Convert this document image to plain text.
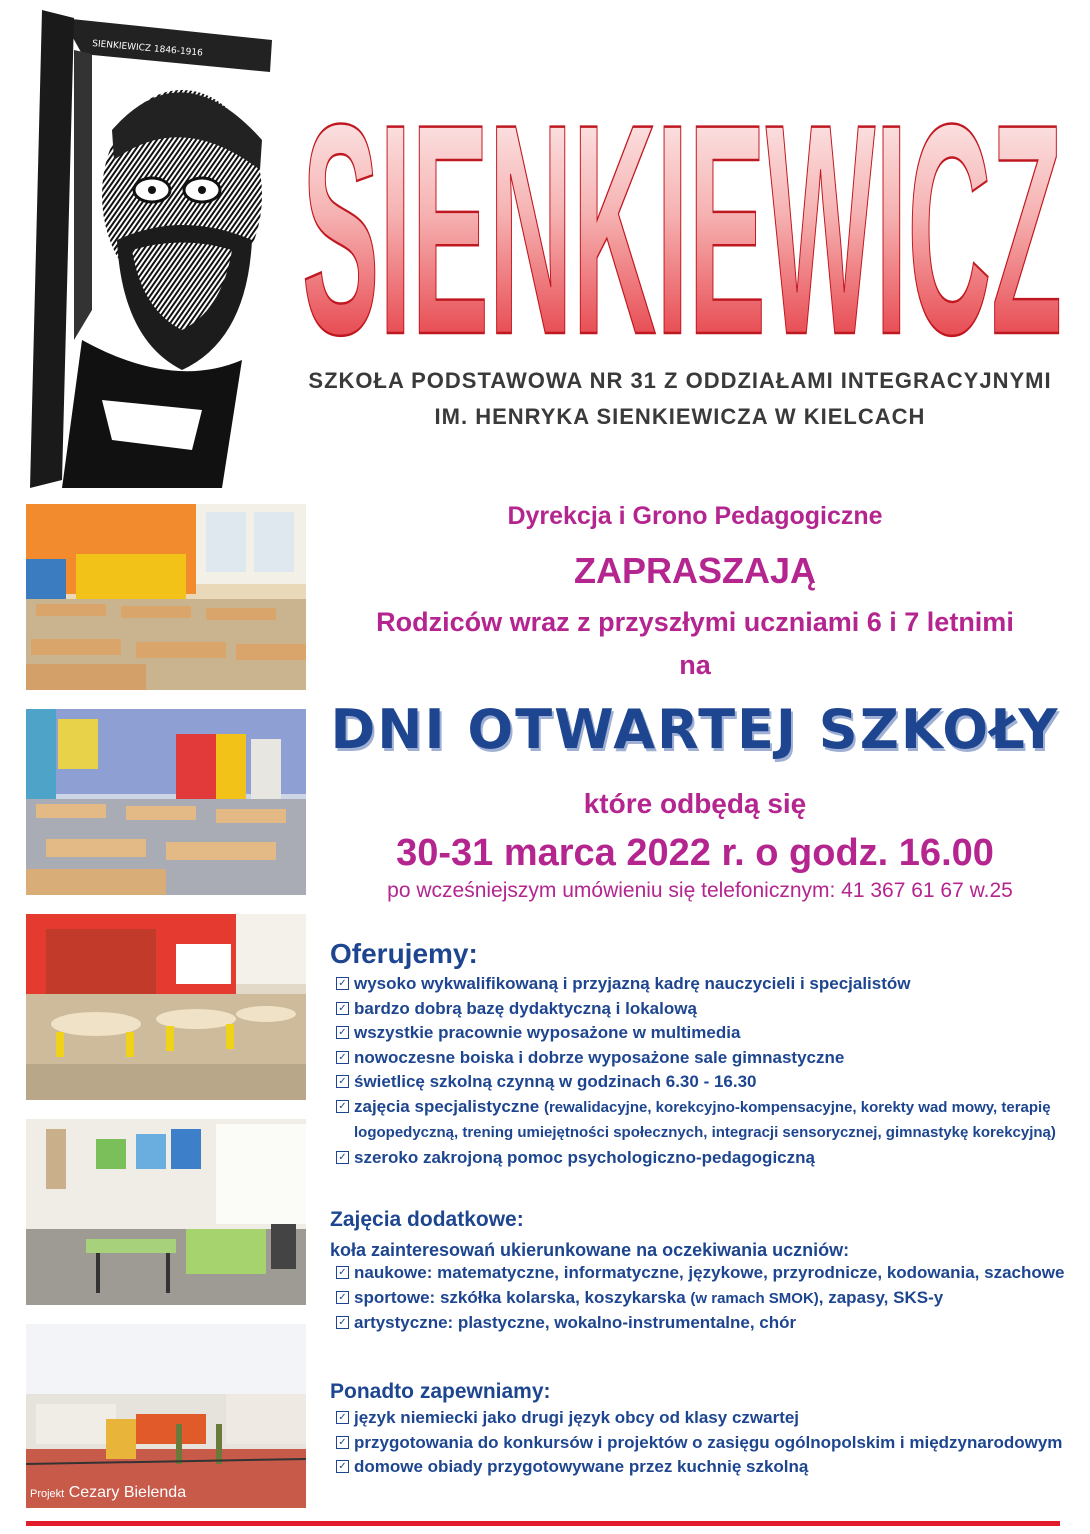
SIENKIEWICZ 1846-1916
SIENKIEWICZ
SZKOŁA PODSTAWOWA NR 31 Z ODDZIAŁAMI INTEGRACYJNYMI
IM. HENRYKA SIENKIEWICZA W KIELCACH
Projekt Cezary Bielenda
Dyrekcja i Grono Pedagogiczne
ZAPRASZAJĄ
Rodziców wraz z przyszłymi uczniami 6 i 7 letnimi
na
DNI OTWARTEJ SZKOŁY
które odbędą się
30-31 marca 2022 r. o godz. 16.00
po wcześniejszym umówieniu się telefonicznym: 41 367 61 67 w.25

Oferujemy:

✓ wysoko wykwalifikowaną i przyjazną kadrę nauczycieli i specjalistów
✓ bardzo dobrą bazę dydaktyczną i lokalową
✓ wszystkie pracownie wyposażone w multimedia
✓ nowoczesne boiska i dobrze wyposażone sale gimnastyczne
✓ świetlicę szkolną czynną w godzinach 6.30 - 16.30
✓ zajęcia specjalistyczne (rewalidacyjne, korekcyjno-kompensacyjne, korekty wad mowy, terapię logopedyczną, trening umiejętności społecznych, integracji sensorycznej, gimnastykę korekcyjną)
✓ szeroko zakrojoną pomoc psychologiczno-pedagogiczną

Zajęcia dodatkowe:

koła zainteresowań ukierunkowane na oczekiwania uczniów:

✓ naukowe: matematyczne, informatyczne, językowe, przyrodnicze, kodowania, szachowe
✓ sportowe: szkółka kolarska, koszykarska (w ramach SMOK), zapasy, SKS-y
✓ artystyczne: plastyczne, wokalno-instrumentalne, chór

Ponadto zapewniamy:

✓ język niemiecki jako drugi język obcy od klasy czwartej
✓ przygotowania do konkursów i projektów o zasięgu ogólnopolskim i międzynarodowym
✓ domowe obiady przygotowywane przez kuchnię szkolną
